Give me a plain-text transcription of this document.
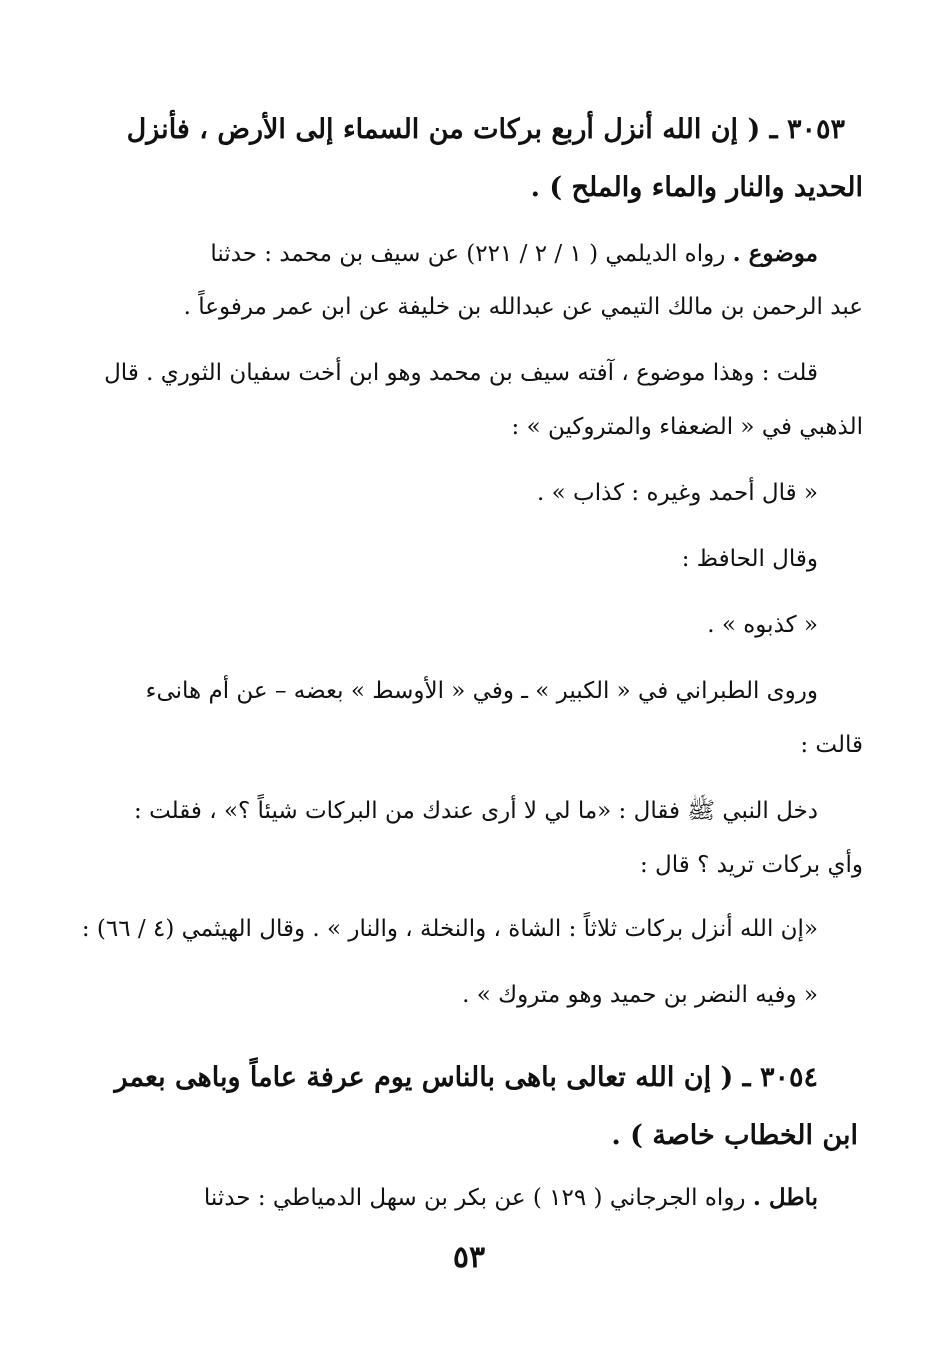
٣٠٥٣ ـ ( إن الله أنزل أربع بركات من السماء إلى الأرض ، فأنزل
الحديد والنار والماء والملح ) .
موضوع . رواه الديلمي ( ١ / ٢ / ٢٢١) عن سيف بن محمد : حدثنا
عبد الرحمن بن مالك التيمي عن عبدالله بن خليفة عن ابن عمر مرفوعاً .
قلت : وهذا موضوع ، آفته سيف بن محمد وهو ابن أخت سفيان الثوري . قال
الذهبي في « الضعفاء والمتروكين » :
« قال أحمد وغيره : كذاب » .
وقال الحافظ :
« كذبوه » .
وروى الطبراني في « الكبير » ـ وفي « الأوسط » بعضه – عن أم هانىء
قالت :
دخل النبي ﷺ فقال : «ما لي لا أرى عندك من البركات شيئاً ؟» ، فقلت :
وأي بركات تريد ؟ قال :
«إن الله أنزل بركات ثلاثاً : الشاة ، والنخلة ، والنار » . وقال الهيثمي (٤ / ٦٦) :
« وفيه النضر بن حميد وهو متروك » .
٣٠٥٤ ـ ( إن الله تعالى باهى بالناس يوم عرفة عاماً وباهى بعمر
ابن الخطاب خاصة ) .
باطل . رواه الجرجاني ( ١٢٩ ) عن بكر بن سهل الدمياطي : حدثنا
٥٣
